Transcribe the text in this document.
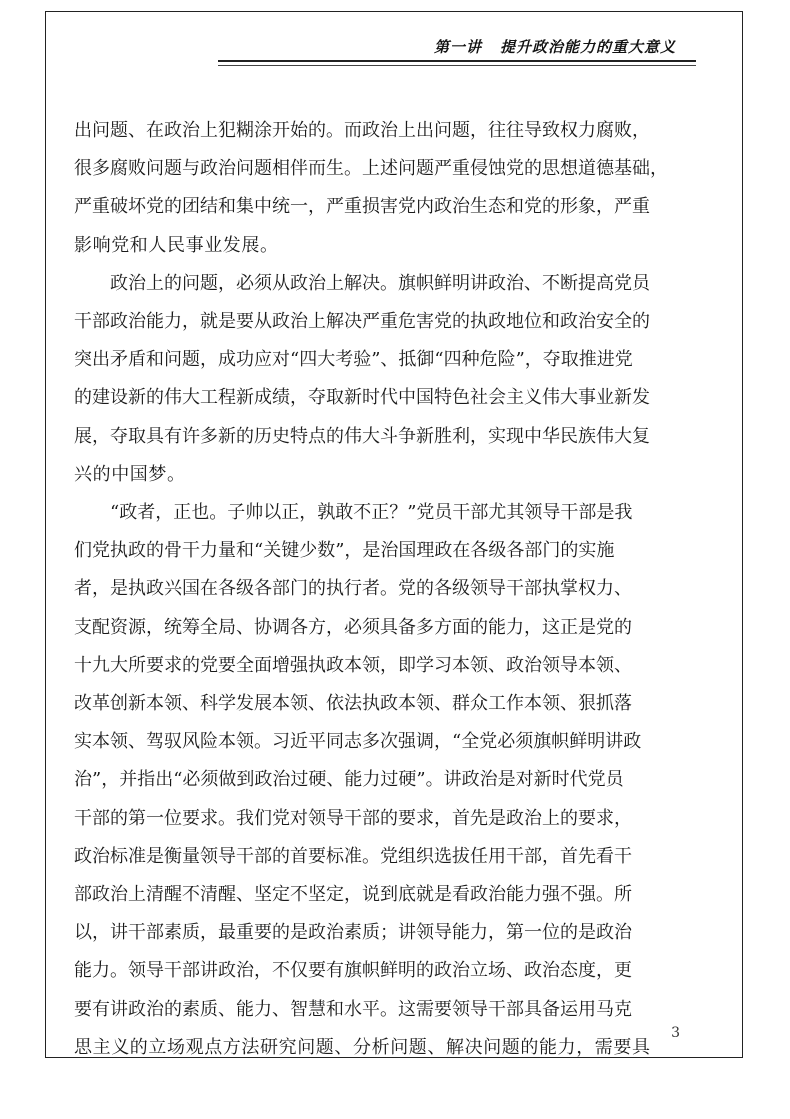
第一讲 提升政治能力的重大意义

出问题、在政治上犯糊涂开始的。而政治上出问题，往往导致权力腐败，
很多腐败问题与政治问题相伴而生。上述问题严重侵蚀党的思想道德基础，
严重破坏党的团结和集中统一，严重损害党内政治生态和党的形象，严重
影响党和人民事业发展。

政治上的问题，必须从政治上解决。旗帜鲜明讲政治、不断提高党员
干部政治能力，就是要从政治上解决严重危害党的执政地位和政治安全的
突出矛盾和问题，成功应对“四大考验”、抵御“四种危险”，夺取推进党
的建设新的伟大工程新成绩，夺取新时代中国特色社会主义伟大事业新发
展，夺取具有许多新的历史特点的伟大斗争新胜利，实现中华民族伟大复
兴的中国梦。

“政者，正也。子帅以正，孰敢不正？”党员干部尤其领导干部是我
们党执政的骨干力量和“关键少数”，是治国理政在各级各部门的实施
者，是执政兴国在各级各部门的执行者。党的各级领导干部执掌权力、
支配资源，统筹全局、协调各方，必须具备多方面的能力，这正是党的
十九大所要求的党要全面增强执政本领，即学习本领、政治领导本领、
改革创新本领、科学发展本领、依法执政本领、群众工作本领、狠抓落
实本领、驾驭风险本领。习近平同志多次强调，“全党必须旗帜鲜明讲政
治”，并指出“必须做到政治过硬、能力过硬”。讲政治是对新时代党员
干部的第一位要求。我们党对领导干部的要求，首先是政治上的要求，
政治标准是衡量领导干部的首要标准。党组织选拔任用干部，首先看干
部政治上清醒不清醒、坚定不坚定，说到底就是看政治能力强不强。所
以，讲干部素质，最重要的是政治素质；讲领导能力，第一位的是政治
能力。领导干部讲政治，不仅要有旗帜鲜明的政治立场、政治态度，更
要有讲政治的素质、能力、智慧和水平。这需要领导干部具备运用马克
思主义的立场观点方法研究问题、分析问题、解决问题的能力，需要具

3
